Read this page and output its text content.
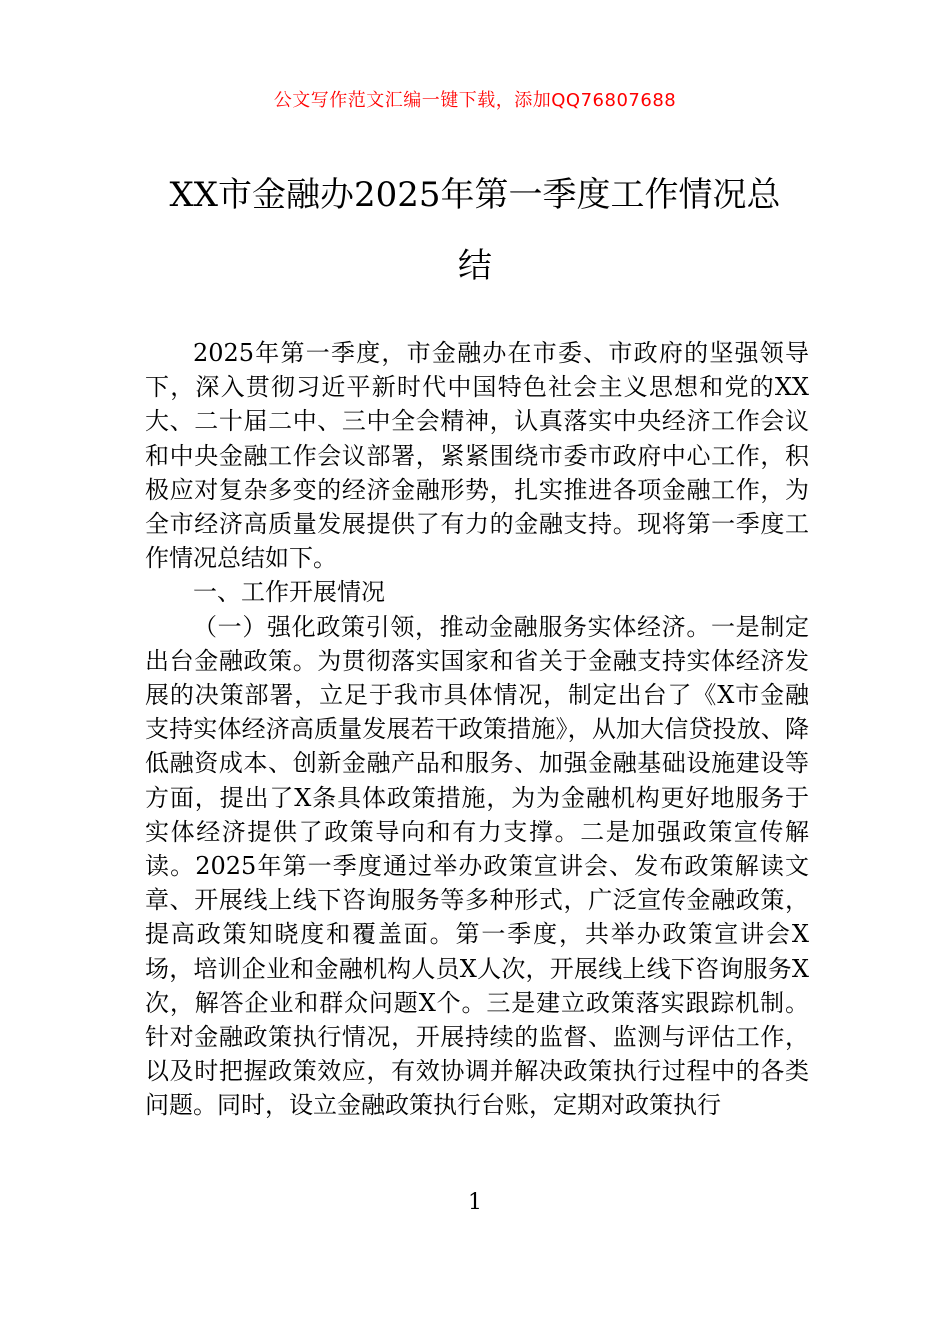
公文写作范文汇编一键下载，添加QQ76807688
XX市金融办2025年第一季度工作情况总
结

2025年第一季度，市金融办在市委、市政府的坚强领导下，深入贯彻习近平新时代中国特色社会主义思想和党的XX大、二十届二中、三中全会精神，认真落实中央经济工作会议和中央金融工作会议部署，紧紧围绕市委市政府中心工作，积极应对复杂多变的经济金融形势，扎实推进各项金融工作，为全市经济高质量发展提供了有力的金融支持。现将第一季度工作情况总结如下。

一、工作开展情况

（一）强化政策引领，推动金融服务实体经济。一是制定出台金融政策。为贯彻落实国家和省关于金融支持实体经济发展的决策部署，立足于我市具体情况，制定出台了《X市金融支持实体经济高质量发展若干政策措施》，从加大信贷投放、降低融资成本、创新金融产品和服务、加强金融基础设施建设等方面，提出了X条具体政策措施，为为金融机构更好地服务于实体经济提供了政策导向和有力支撑。二是加强政策宣传解读。2025年第一季度通过举办政策宣讲会、发布政策解读文章、开展线上线下咨询服务等多种形式，广泛宣传金融政策，提高政策知晓度和覆盖面。第一季度，共举办政策宣讲会X场，培训企业和金融机构人员X人次，开展线上线下咨询服务X次，解答企业和群众问题X个。三是建立政策落实跟踪机制。针对金融政策执行情况，开展持续的监督、监测与评估工作，以及时把握政策效应，有效协调并解决政策执行过程中的各类问题。同时，设立金融政策执行台账，定期对政策执行

1
